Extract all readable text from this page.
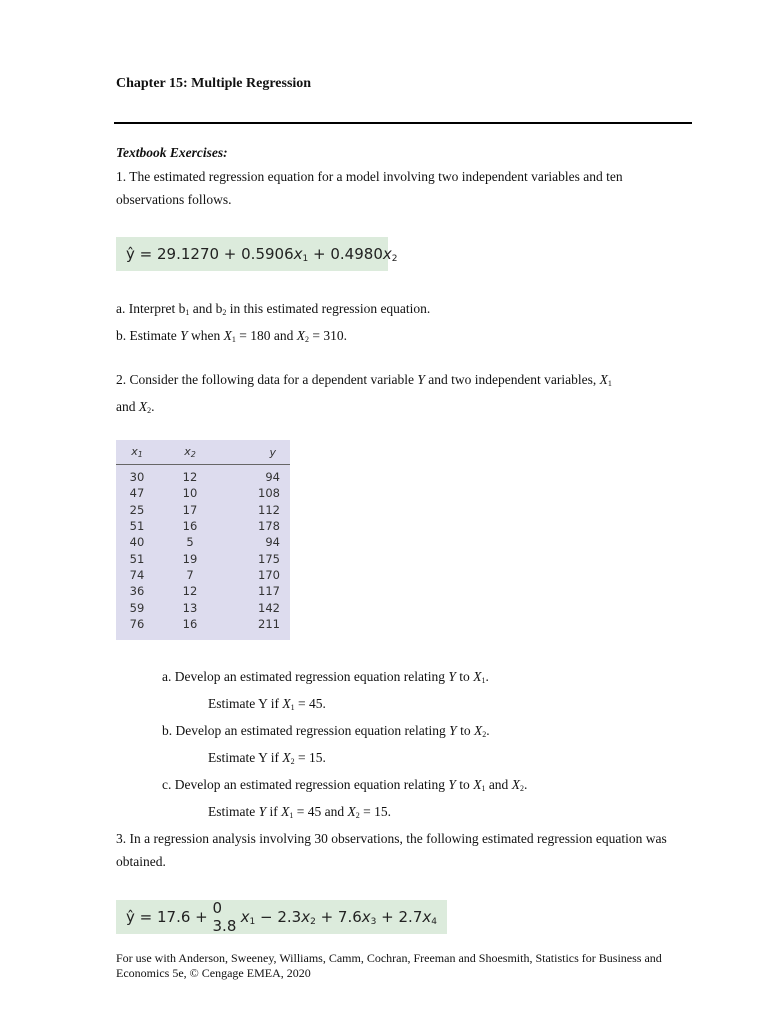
Chapter 15: Multiple Regression
Textbook Exercises:
1. The estimated regression equation for a model involving two independent variables and ten observations follows.
ŷ = 29.1270 + 0.5906 x 1 + 0.4980 x 2
a. Interpret $b_1$ and $b_2$ in this estimated regression equation.
b. Estimate Y when $X_1 = 180$ and $X_2 = 310$.
2. Consider the following data for a dependent variable Y and two independent variables, $X_1$
and $X_2$.
$x_1$	$x_2$	y
30	12	94
47	10	108
25	17	112
51	16	178
40	5	94
51	19	175
74	7	170
36	12	117
59	13	142
76	16	211
a. Develop an estimated regression equation relating Y to $X_1$.
Estimate Y if $X_1 = 45$.
b. Develop an estimated regression equation relating Y to $X_2$.
Estimate Y if $X_2 = 15$.
c. Develop an estimated regression equation relating Y to $X_1$ and $X_2$.
Estimate Y if $X_1 = 45$ and $X_2 = 15$.
3. In a regression analysis involving 30 observations, the following estimated regression equation was obtained.
ŷ = 17.6 + 0 3.8 x 1 − 2.3 x 2 + 7.6 x 3 + 2.7 x 4
For use with Anderson, Sweeney, Williams, Camm, Cochran, Freeman and Shoesmith, Statistics for Business and Economics 5e, © Cengage EMEA, 2020
